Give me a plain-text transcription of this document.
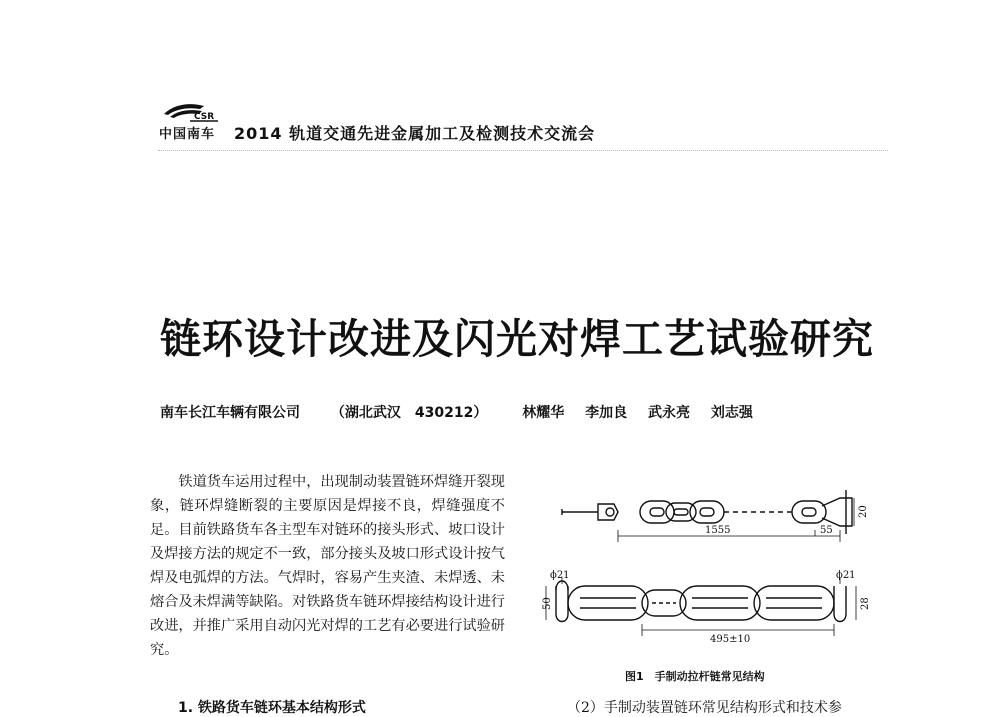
CSR
中国南车 2014 轨道交通先进金属加工及检测技术交流会
链环设计改进及闪光对焊工艺试验研究
南车长江车辆有限公司 （湖北武汉　430212） 林耀华 李加良 武永亮 刘志强

铁道货车运用过程中，出现制动装置链环焊缝开裂现象，链环焊缝断裂的主要原因是焊接不良，焊缝强度不足。目前铁路货车各主型车对链环的接头形式、坡口设计及焊接方法的规定不一致，部分接头及坡口形式设计按气焊及电弧焊的方法。气焊时，容易产生夹渣、未焊透、未熔合及未焊满等缺陷。对铁路货车链环焊接结构设计进行改进，并推广采用自动闪光对焊的工艺有必要进行试验研究。

1. 铁路货车链环基本结构形式
1555	55
20
ϕ21	ϕ21
50	28
495±10
图1　手制动拉杆链常见结构
（2）手制动装置链环常见结构形式和技术参
